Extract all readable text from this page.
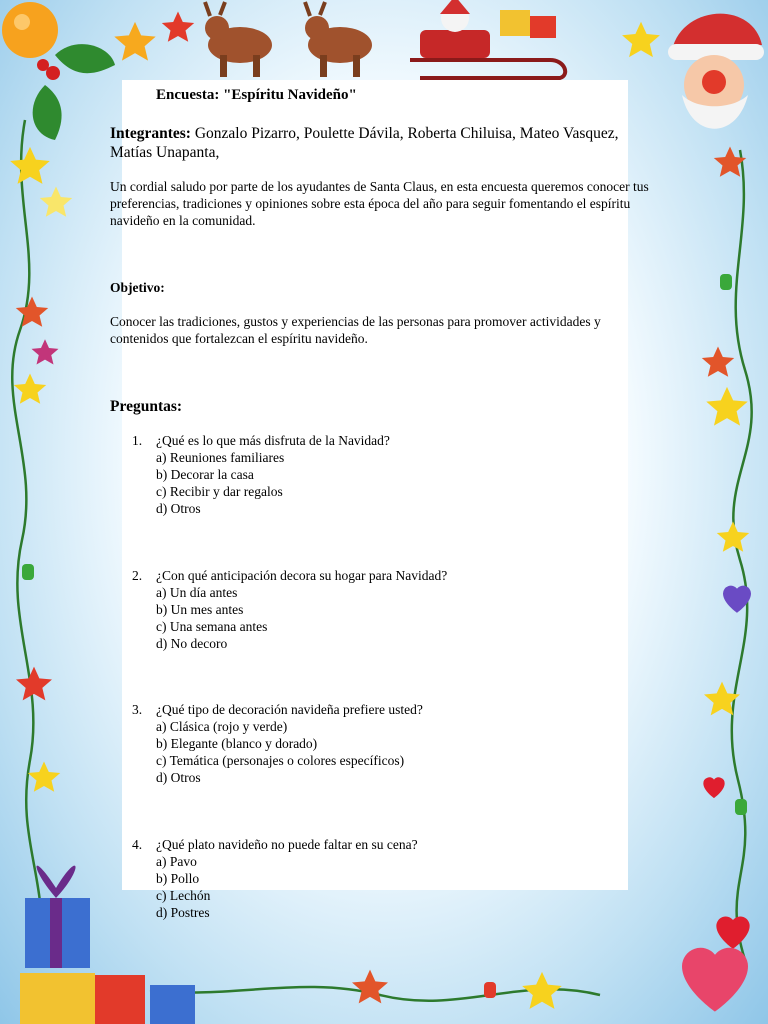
Encuesta: "Espíritu Navideño"
Integrantes: Gonzalo Pizarro, Poulette Dávila, Roberta Chiluisa, Mateo Vasquez, Matías Unapanta,
Un cordial saludo por parte de los ayudantes de Santa Claus, en esta encuesta queremos conocer tus preferencias, tradiciones y opiniones sobre esta época del año para seguir fomentando el espíritu navideño en la comunidad.
Objetivo:
Conocer las tradiciones, gustos y experiencias de las personas para promover actividades y contenidos que fortalezcan el espíritu navideño.
Preguntas:
1.	¿Qué es lo que más disfruta de la Navidad?
a) Reuniones familiares
b) Decorar la casa
c) Recibir y dar regalos
d) Otros
2.	¿Con qué anticipación decora su hogar para Navidad?
a) Un día antes
b) Un mes antes
c) Una semana antes
d) No decoro
3.	¿Qué tipo de decoración navideña prefiere usted?
a) Clásica (rojo y verde)
b) Elegante (blanco y dorado)
c) Temática (personajes o colores específicos)
d) Otros
4.	¿Qué plato navideño no puede faltar en su cena?
a) Pavo
b) Pollo
c) Lechón
d) Postres
